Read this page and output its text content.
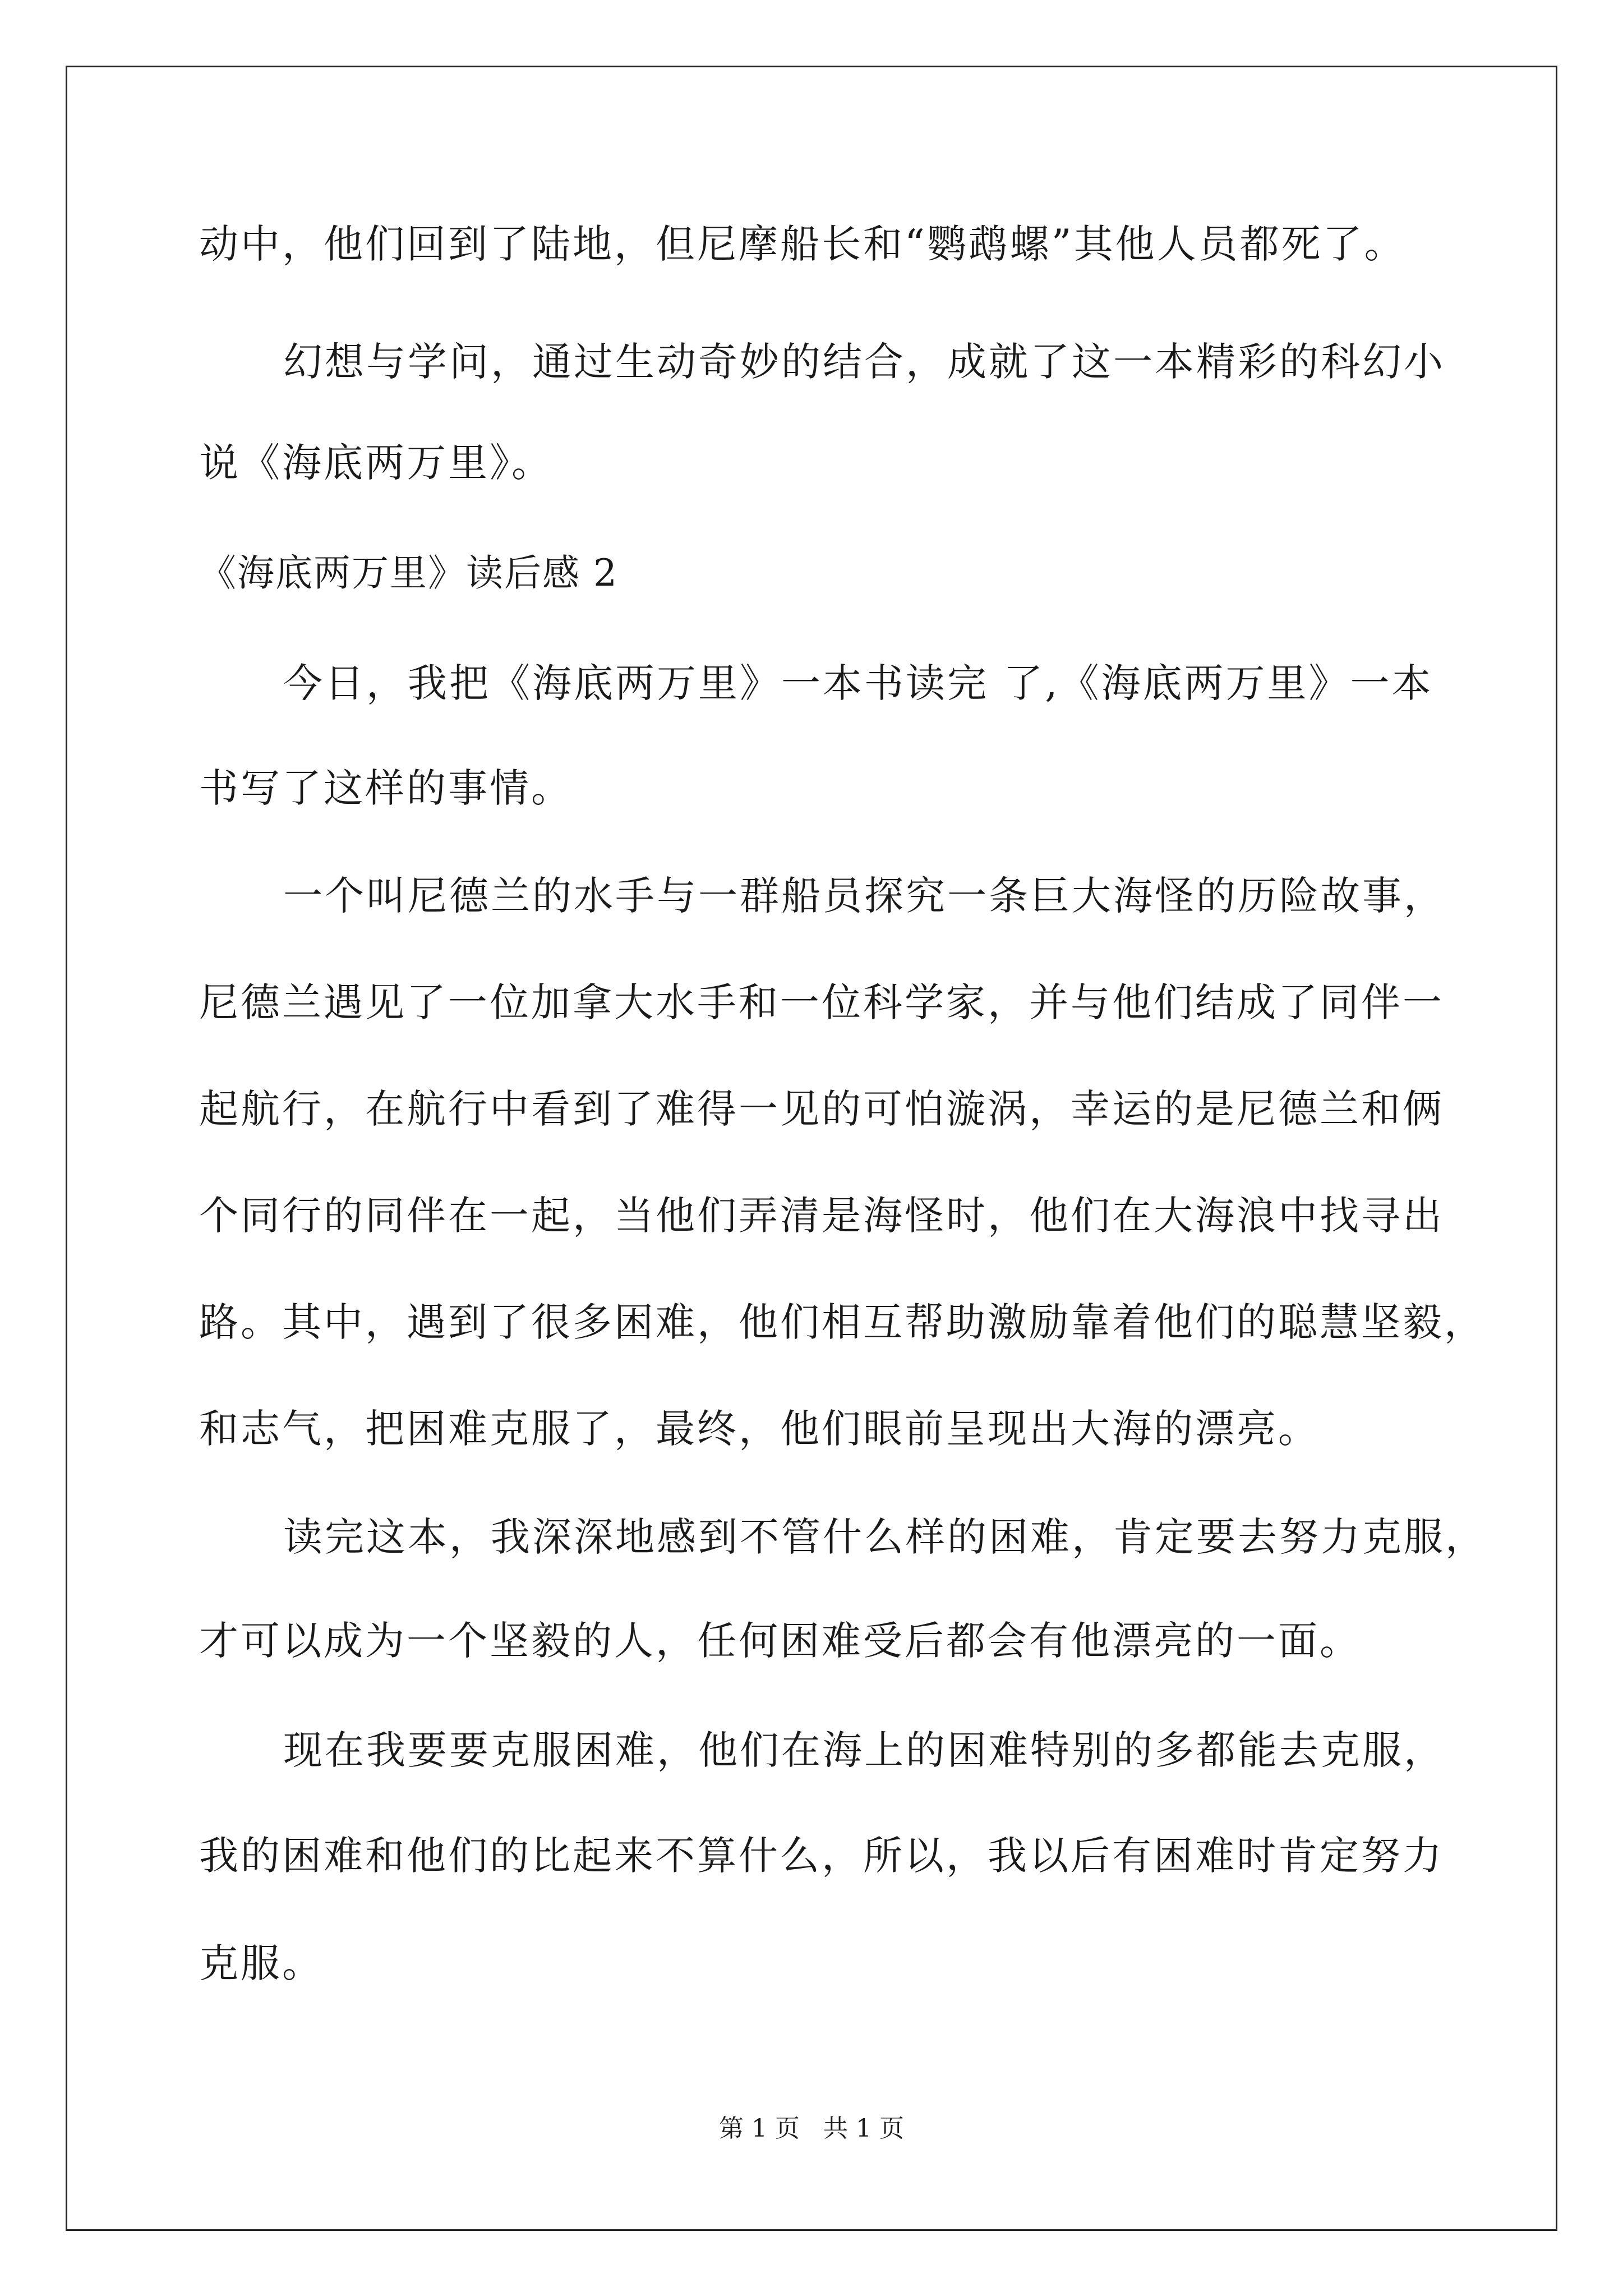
动中，他们回到了陆地，但尼摩船长和“鹦鹉螺”其他人员都死了。
幻想与学问，通过生动奇妙的结合，成就了这一本精彩的科幻小
说《海底两万里》。
《海底两万里》读后感 2
今日，我把《海底两万里》一本书读完 了,《海底两万里》一本
书写了这样的事情。
一个叫尼德兰的水手与一群船员探究一条巨大海怪的历险故事，
尼德兰遇见了一位加拿大水手和一位科学家，并与他们结成了同伴一
起航行，在航行中看到了难得一见的可怕漩涡，幸运的是尼德兰和俩
个同行的同伴在一起，当他们弄清是海怪时，他们在大海浪中找寻出
路。其中，遇到了很多困难，他们相互帮助激励靠着他们的聪慧坚毅，
和志气，把困难克服了，最终，他们眼前呈现出大海的漂亮。
读完这本，我深深地感到不管什么样的困难，肯定要去努力克服，
才可以成为一个坚毅的人，任何困难受后都会有他漂亮的一面。
现在我要要克服困难，他们在海上的困难特别的多都能去克服，
我的困难和他们的比起来不算什么，所以，我以后有困难时肯定努力
克服。
第 1 页 共 1 页
